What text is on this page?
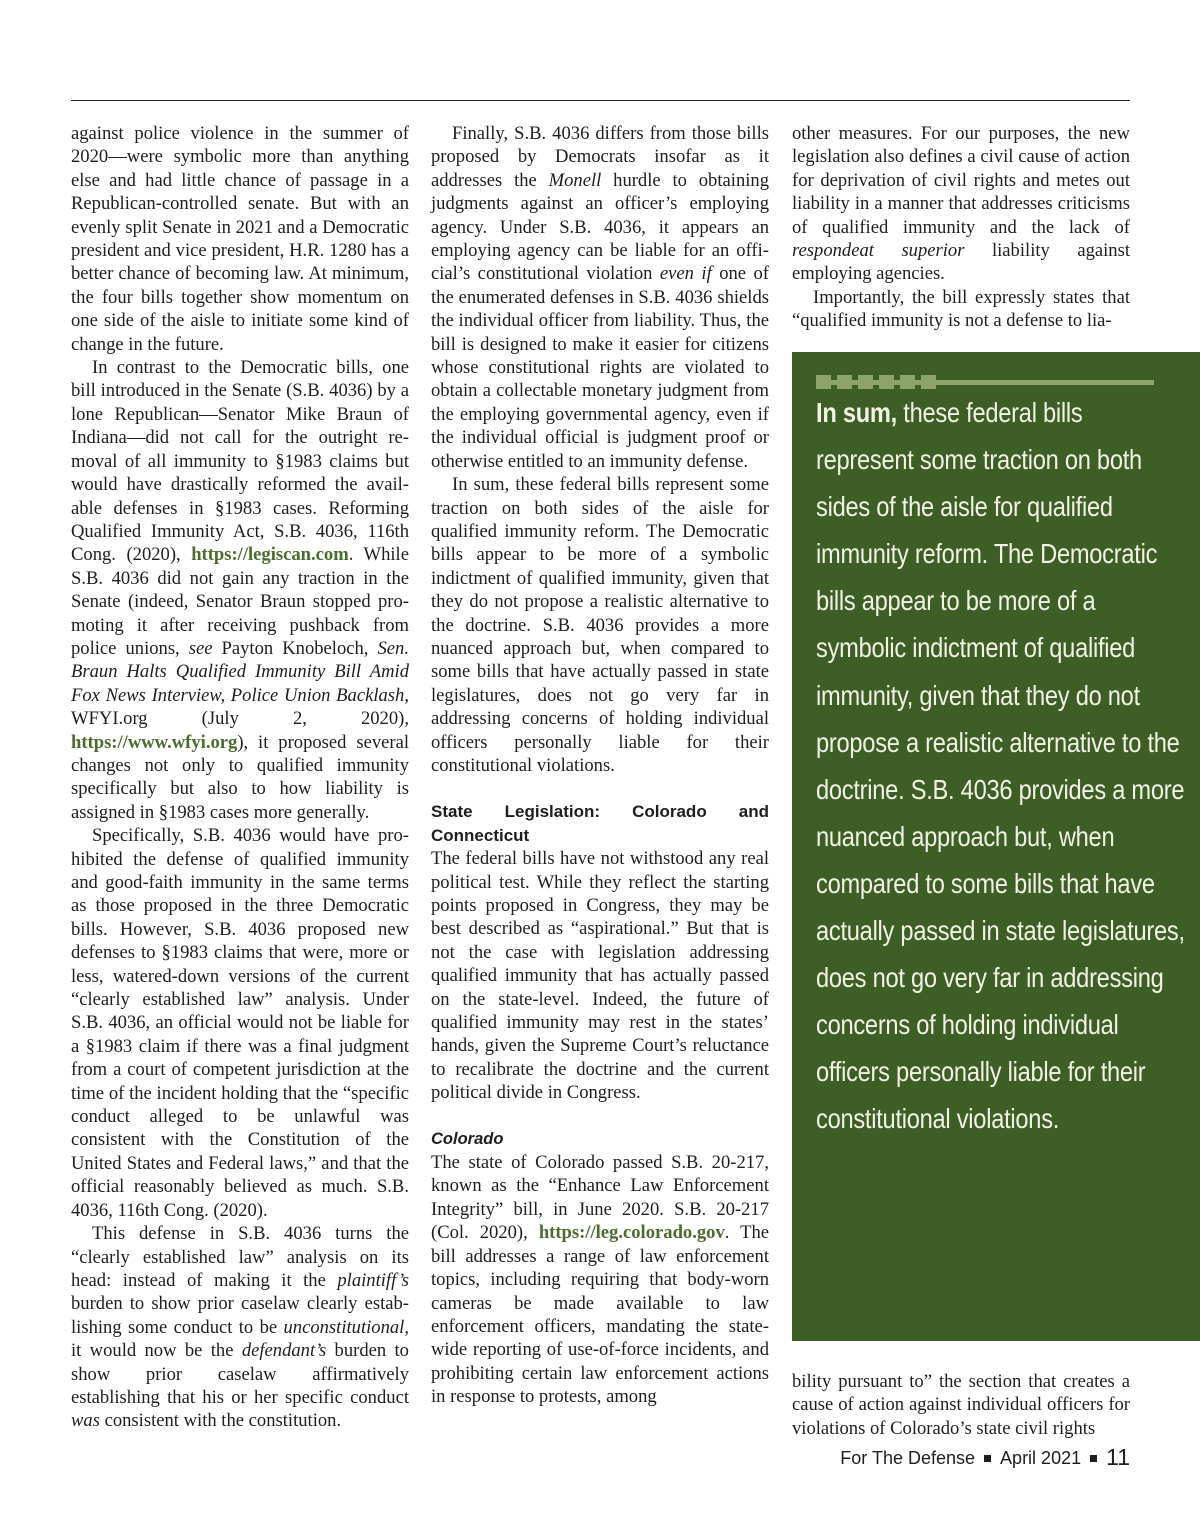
against police violence in the summer of 2020—were symbolic more than anything else and had little chance of passage in a Republican-controlled senate. But with an evenly split Senate in 2021 and a Democratic president and vice president, H.R. 1280 has a better chance of becoming law. At minimum, the four bills together show momentum on one side of the aisle to initiate some kind of change in the future.

In contrast to the Democratic bills, one bill introduced in the Senate (S.B. 4036) by a lone Republican—Senator Mike Braun of Indiana—did not call for the outright removal of all immunity to §1983 claims but would have drastically reformed the available defenses in §1983 cases. Reforming Qualified Immunity Act, S.B. 4036, 116th Cong. (2020), https://legiscan.com. While S.B. 4036 did not gain any traction in the Senate (indeed, Senator Braun stopped promoting it after receiving pushback from police unions, see Payton Knobeloch, Sen. Braun Halts Qualified Immunity Bill Amid Fox News Interview, Police Union Backlash, WFYI.org (July 2, 2020), https://www.wfyi.org), it proposed several changes not only to qualified immunity specifically but also to how liability is assigned in §1983 cases more generally.

Specifically, S.B. 4036 would have prohibited the defense of qualified immunity and good-faith immunity in the same terms as those proposed in the three Democratic bills. However, S.B. 4036 proposed new defenses to §1983 claims that were, more or less, watered-down versions of the current “clearly established law” analysis. Under S.B. 4036, an official would not be liable for a §1983 claim if there was a final judgment from a court of competent jurisdiction at the time of the incident holding that the “specific conduct alleged to be unlawful was consistent with the Constitution of the United States and Federal laws,” and that the official reasonably believed as much. S.B. 4036, 116th Cong. (2020).

This defense in S.B. 4036 turns the “clearly established law” analysis on its head: instead of making it the plaintiff’s burden to show prior caselaw clearly establishing some conduct to be unconstitutional, it would now be the defendant’s burden to show prior caselaw affirmatively establishing that his or her specific conduct was consistent with the constitution.

Finally, S.B. 4036 differs from those bills proposed by Democrats insofar as it addresses the Monell hurdle to obtaining judgments against an officer’s employing agency. Under S.B. 4036, it appears an employing agency can be liable for an official’s constitutional violation even if one of the enumerated defenses in S.B. 4036 shields the individual officer from liability. Thus, the bill is designed to make it easier for citizens whose constitutional rights are violated to obtain a collectable monetary judgment from the employing governmental agency, even if the individual official is judgment proof or otherwise entitled to an immunity defense.

In sum, these federal bills represent some traction on both sides of the aisle for qualified immunity reform. The Democratic bills appear to be more of a symbolic indictment of qualified immunity, given that they do not propose a realistic alternative to the doctrine. S.B. 4036 provides a more nuanced approach but, when compared to some bills that have actually passed in state legislatures, does not go very far in addressing concerns of holding individual officers personally liable for their constitutional violations.

State Legislation: Colorado and Connecticut

The federal bills have not withstood any real political test. While they reflect the starting points proposed in Congress, they may be best described as “aspirational.” But that is not the case with legislation addressing qualified immunity that has actually passed on the state-level. Indeed, the future of qualified immunity may rest in the states’ hands, given the Supreme Court’s reluctance to recalibrate the doctrine and the current political divide in Congress.

Colorado

The state of Colorado passed S.B. 20-217, known as the “Enhance Law Enforcement Integrity” bill, in June 2020. S.B. 20-217 (Col. 2020), https://leg.colorado.gov. The bill addresses a range of law enforcement topics, including requiring that body-worn cameras be made available to law enforcement officers, mandating the statewide reporting of use-of-force incidents, and prohibiting certain law enforcement actions in response to protests, among

other measures. For our purposes, the new legislation also defines a civil cause of action for deprivation of civil rights and metes out liability in a manner that addresses criticisms of qualified immunity and the lack of respondeat superior liability against employing agencies.

Importantly, the bill expressly states that “qualified immunity is not a defense to lia-

In sum, these federal bills represent some traction on both sides of the aisle for qualified immunity reform. The Democratic bills appear to be more of a symbolic indictment of qualified immunity, given that they do not propose a realistic alternative to the doctrine. S.B. 4036 provides a more nuanced approach but, when compared to some bills that have actually passed in state legislatures, does not go very far in addressing concerns of holding individual officers personally liable for their constitutional violations.

bility pursuant to” the section that creates a cause of action against individual officers for violations of Colorado’s state civil rights

For The Defense April 2021 11
